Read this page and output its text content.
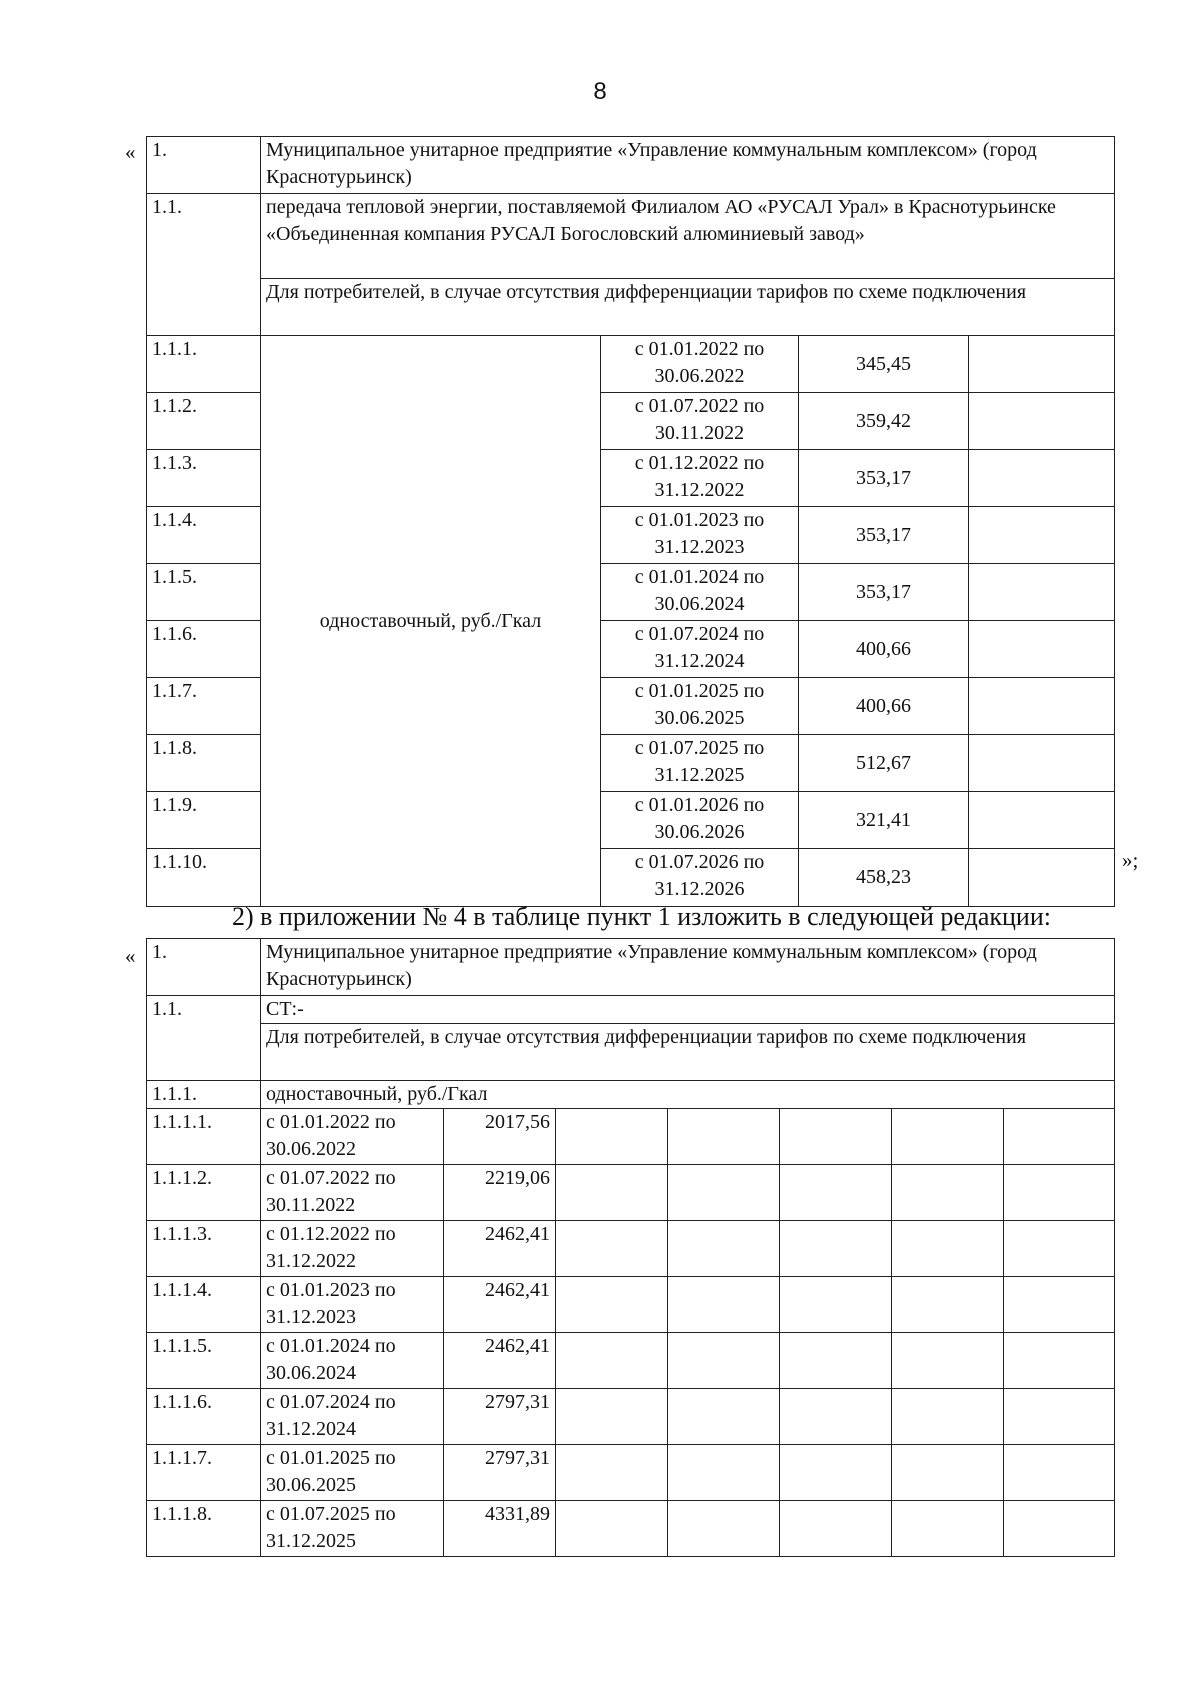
8
«
»;
1.	Муниципальное унитарное предприятие «Управление коммунальным комплексом» (город Краснотурьинск)			
1.1.	передача тепловой энергии, поставляемой Филиалом АО «РУСАЛ Урал» в Краснотурьинске «Объединенная компания РУСАЛ Богословский алюминиевый завод»			
	Для потребителей, в случае отсутствия дифференциации тарифов по схеме подключения			
1.1.1.	одноставочный, руб./Гкал	с 01.01.2022 по 30.06.2022	345,45	
1.1.2.		с 01.07.2022 по 30.11.2022	359,42	
1.1.3.		с 01.12.2022 по 31.12.2022	353,17	
1.1.4.		с 01.01.2023 по 31.12.2023	353,17	
1.1.5.		с 01.01.2024 по 30.06.2024	353,17	
1.1.6.		с 01.07.2024 по 31.12.2024	400,66	
1.1.7.		с 01.01.2025 по 30.06.2025	400,66	
1.1.8.		с 01.07.2025 по 31.12.2025	512,67	
1.1.9.		с 01.01.2026 по 30.06.2026	321,41	
1.1.10.		с 01.07.2026 по 31.12.2026	458,23	
2) в приложении № 4 в таблице пункт 1 изложить в следующей редакции:
« 1.	Муниципальное унитарное предприятие «Управление коммунальным комплексом» (город Краснотурьинск)						
1.1.	СТ:-						
	Для потребителей, в случае отсутствия дифференциации тарифов по схеме подключения						
1.1.1.	одноставочный, руб./Гкал						
1.1.1.1.	с 01.01.2022 по 30.06.2022	2017,56					
1.1.1.2.	с 01.07.2022 по 30.11.2022	2219,06					
1.1.1.3.	с 01.12.2022 по 31.12.2022	2462,41					
1.1.1.4.	с 01.01.2023 по 31.12.2023	2462,41					
1.1.1.5.	с 01.01.2024 по 30.06.2024	2462,41					
1.1.1.6.	с 01.07.2024 по 31.12.2024	2797,31					
1.1.1.7.	с 01.01.2025 по 30.06.2025	2797,31					
1.1.1.8.	с 01.07.2025 по 31.12.2025	4331,89					
